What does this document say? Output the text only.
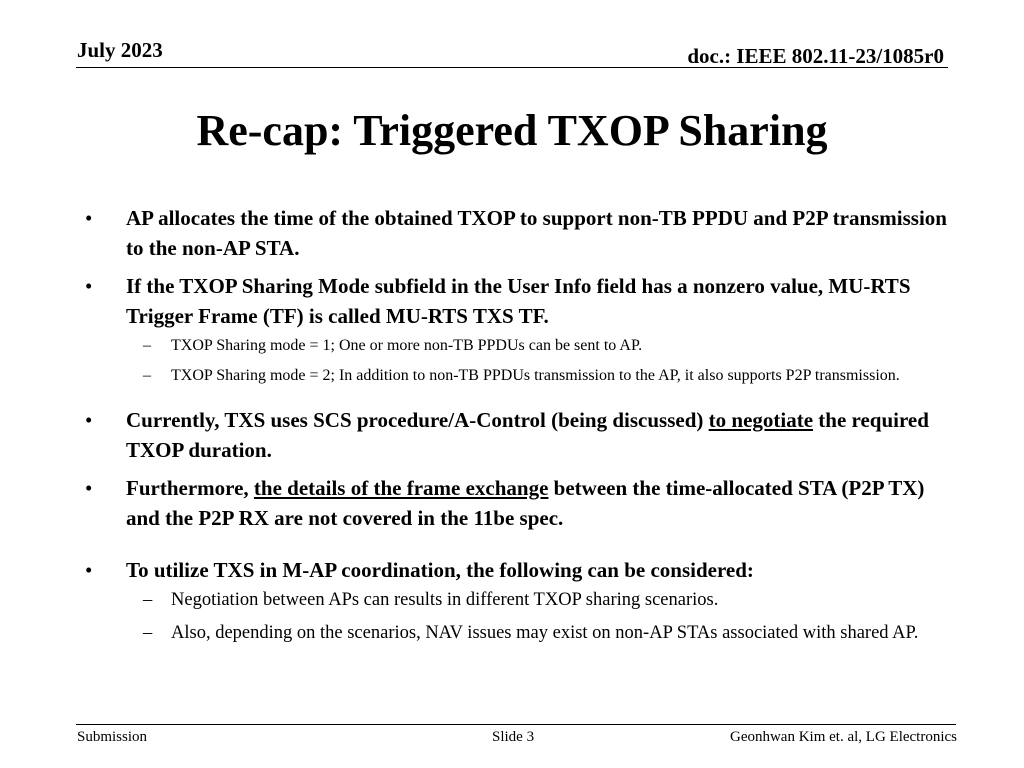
July 2023	doc.: IEEE 802.11-23/1085r0
Re-cap: Triggered TXOP Sharing
• AP allocates the time of the obtained TXOP to support non-TB PPDU and P2P transmission to the non-AP STA.
• If the TXOP Sharing Mode subfield in the User Info field has a nonzero value, MU-RTS Trigger Frame (TF) is called MU-RTS TXS TF.
– TXOP Sharing mode = 1; One or more non-TB PPDUs can be sent to AP.
– TXOP Sharing mode = 2; In addition to non-TB PPDUs transmission to the AP, it also supports P2P transmission.
• Currently, TXS uses SCS procedure/A-Control (being discussed) to negotiate the required TXOP duration.
• Furthermore, the details of the frame exchange between the time-allocated STA (P2P TX) and the P2P RX are not covered in the 11be spec.
• To utilize TXS in M-AP coordination, the following can be considered:
– Negotiation between APs can results in different TXOP sharing scenarios.
– Also, depending on the scenarios, NAV issues may exist on non-AP STAs associated with shared AP.
Submission	Slide 3	Geonhwan Kim et. al, LG Electronics
